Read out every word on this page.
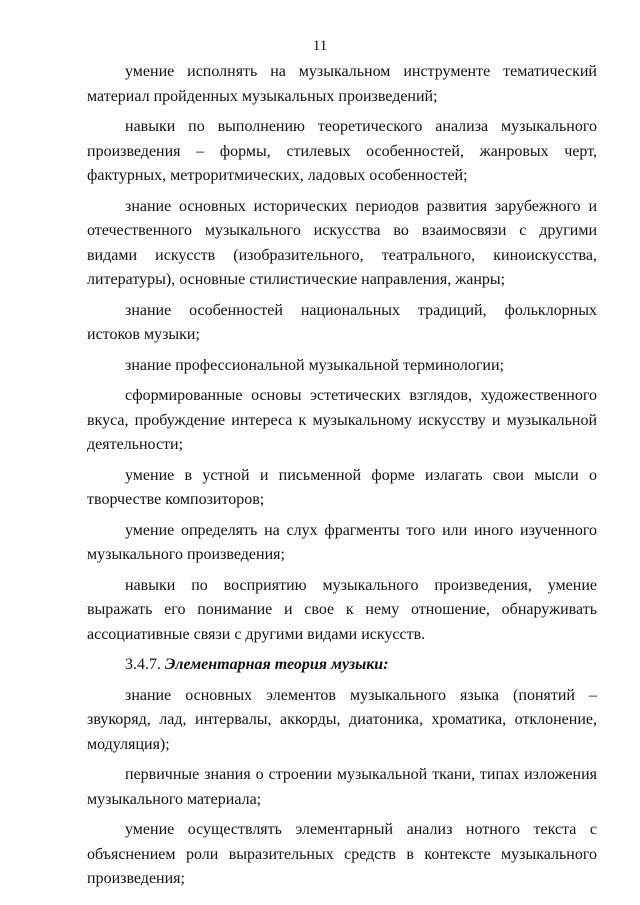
11

умение исполнять на музыкальном инструменте тематический материал пройденных музыкальных произведений;

навыки по выполнению теоретического анализа музыкального произведения – формы, стилевых особенностей, жанровых черт, фактурных, метроритмических, ладовых особенностей;

знание основных исторических периодов развития зарубежного и отечественного музыкального искусства во взаимосвязи с другими видами искусств (изобразительного, театрального, киноискусства, литературы), основные стилистические направления, жанры;

знание особенностей национальных традиций, фольклорных истоков музыки;

знание профессиональной музыкальной терминологии;

сформированные основы эстетических взглядов, художественного вкуса, пробуждение интереса к музыкальному искусству и музыкальной деятельности;

умение в устной и письменной форме излагать свои мысли о творчестве композиторов;

умение определять на слух фрагменты того или иного изученного музыкального произведения;

навыки по восприятию музыкального произведения, умение выражать его понимание и свое к нему отношение, обнаруживать ассоциативные связи с другими видами искусств.

3.4.7. Элементарная теория музыки:

знание основных элементов музыкального языка (понятий – звукоряд, лад, интервалы, аккорды, диатоника, хроматика, отклонение, модуляция);

первичные знания о строении музыкальной ткани, типах изложения музыкального материала;

умение осуществлять элементарный анализ нотного текста с объяснением роли выразительных средств в контексте музыкального произведения;
